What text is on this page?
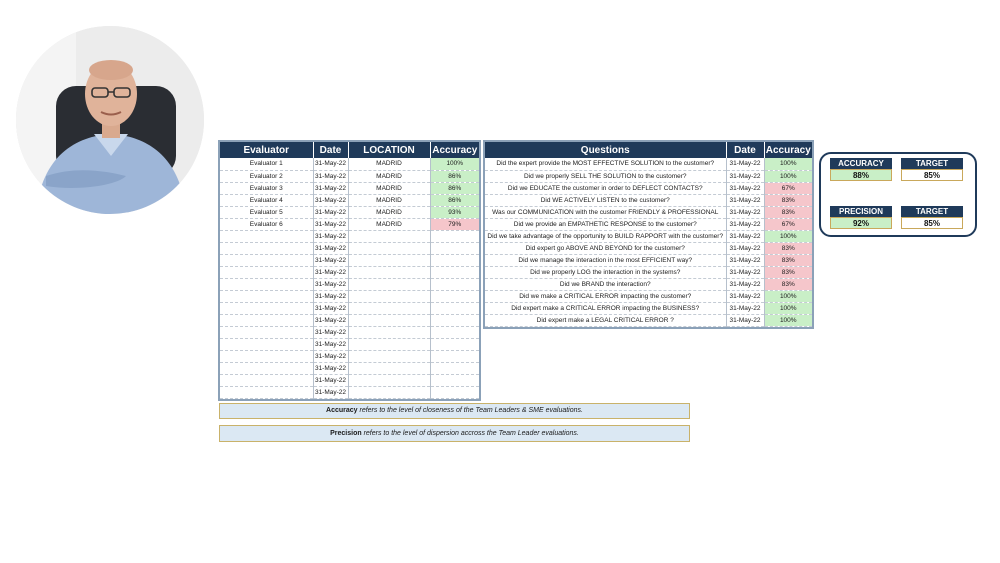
Evaluator	Date	LOCATION	Accuracy
Evaluator 1	31-May-22	MADRID	100%
Evaluator 2	31-May-22	MADRID	86%
Evaluator 3	31-May-22	MADRID	86%
Evaluator 4	31-May-22	MADRID	86%
Evaluator 5	31-May-22	MADRID	93%
Evaluator 6	31-May-22	MADRID	79%
	31-May-22		
	31-May-22		
	31-May-22		
	31-May-22		
	31-May-22		
	31-May-22		
	31-May-22		
	31-May-22		
	31-May-22		
	31-May-22		
	31-May-22		
	31-May-22		
	31-May-22		
	31-May-22		
Questions	Date	Accuracy
Did the expert provide the MOST EFFECTIVE SOLUTION to the customer?	31-May-22	100%
Did we properly SELL THE SOLUTION to the customer?	31-May-22	100%
Did we EDUCATE the customer in order to DEFLECT CONTACTS?	31-May-22	67%
Did WE ACTIVELY LISTEN to the customer?	31-May-22	83%
Was our COMMUNICATION with the customer FRIENDLY & PROFESSIONAL	31-May-22	83%
Did we provide an EMPATHETIC RESPONSE to the customer?	31-May-22	67%
Did we take advantage of the opportunity to BUILD RAPPORT with the customer?	31-May-22	100%
Did expert go ABOVE AND BEYOND for the customer?	31-May-22	83%
Did we manage the interaction in the most EFFICIENT way?	31-May-22	83%
Did we properly LOG the interaction in the systems?	31-May-22	83%
Did we BRAND the interaction?	31-May-22	83%
Did we make a CRITICAL ERROR impacting the customer?	31-May-22	100%
Did expert make a CRITICAL ERROR impacting the BUSINESS?	31-May-22	100%
Did expert make a LEGAL CRITICAL ERROR ?	31-May-22	100%
ACCURACY
88%
TARGET
85%
PRECISION
92%
TARGET
85%
Accuracy refers to the level of closeness of the Team Leaders & SME evaluations.
Precision refers to the level of dispersion accross the Team Leader evaluations.
